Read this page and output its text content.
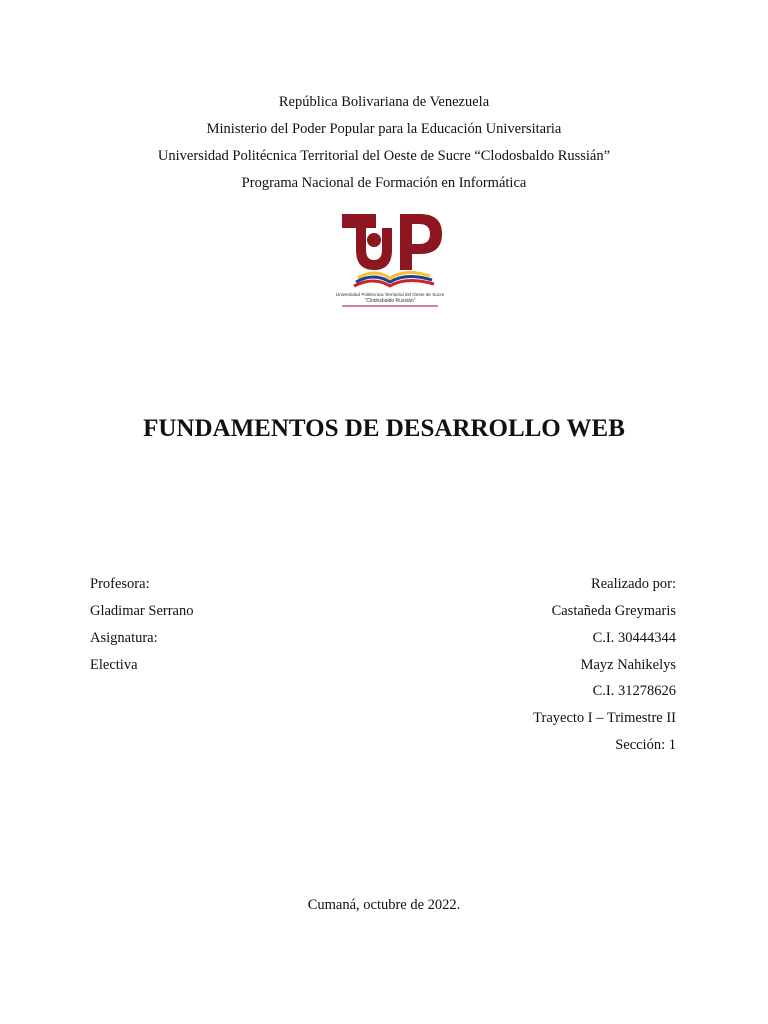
República Bolivariana de Venezuela
Ministerio del Poder Popular para la Educación Universitaria
Universidad Politécnica Territorial del Oeste de Sucre “Clodosbaldo Russián”
Programa Nacional de Formación en Informática
Universidad Politécnica Territorial del Oeste de Sucre
“Clodosbaldo Russián”
FUNDAMENTOS DE DESARROLLO WEB
Profesora:
Gladimar Serrano
Asignatura:
Electiva
Realizado por:
Castañeda Greymaris
C.I. 30444344
Mayz Nahikelys
C.I. 31278626
Trayecto I – Trimestre II
Sección: 1
Cumaná, octubre de 2022.
